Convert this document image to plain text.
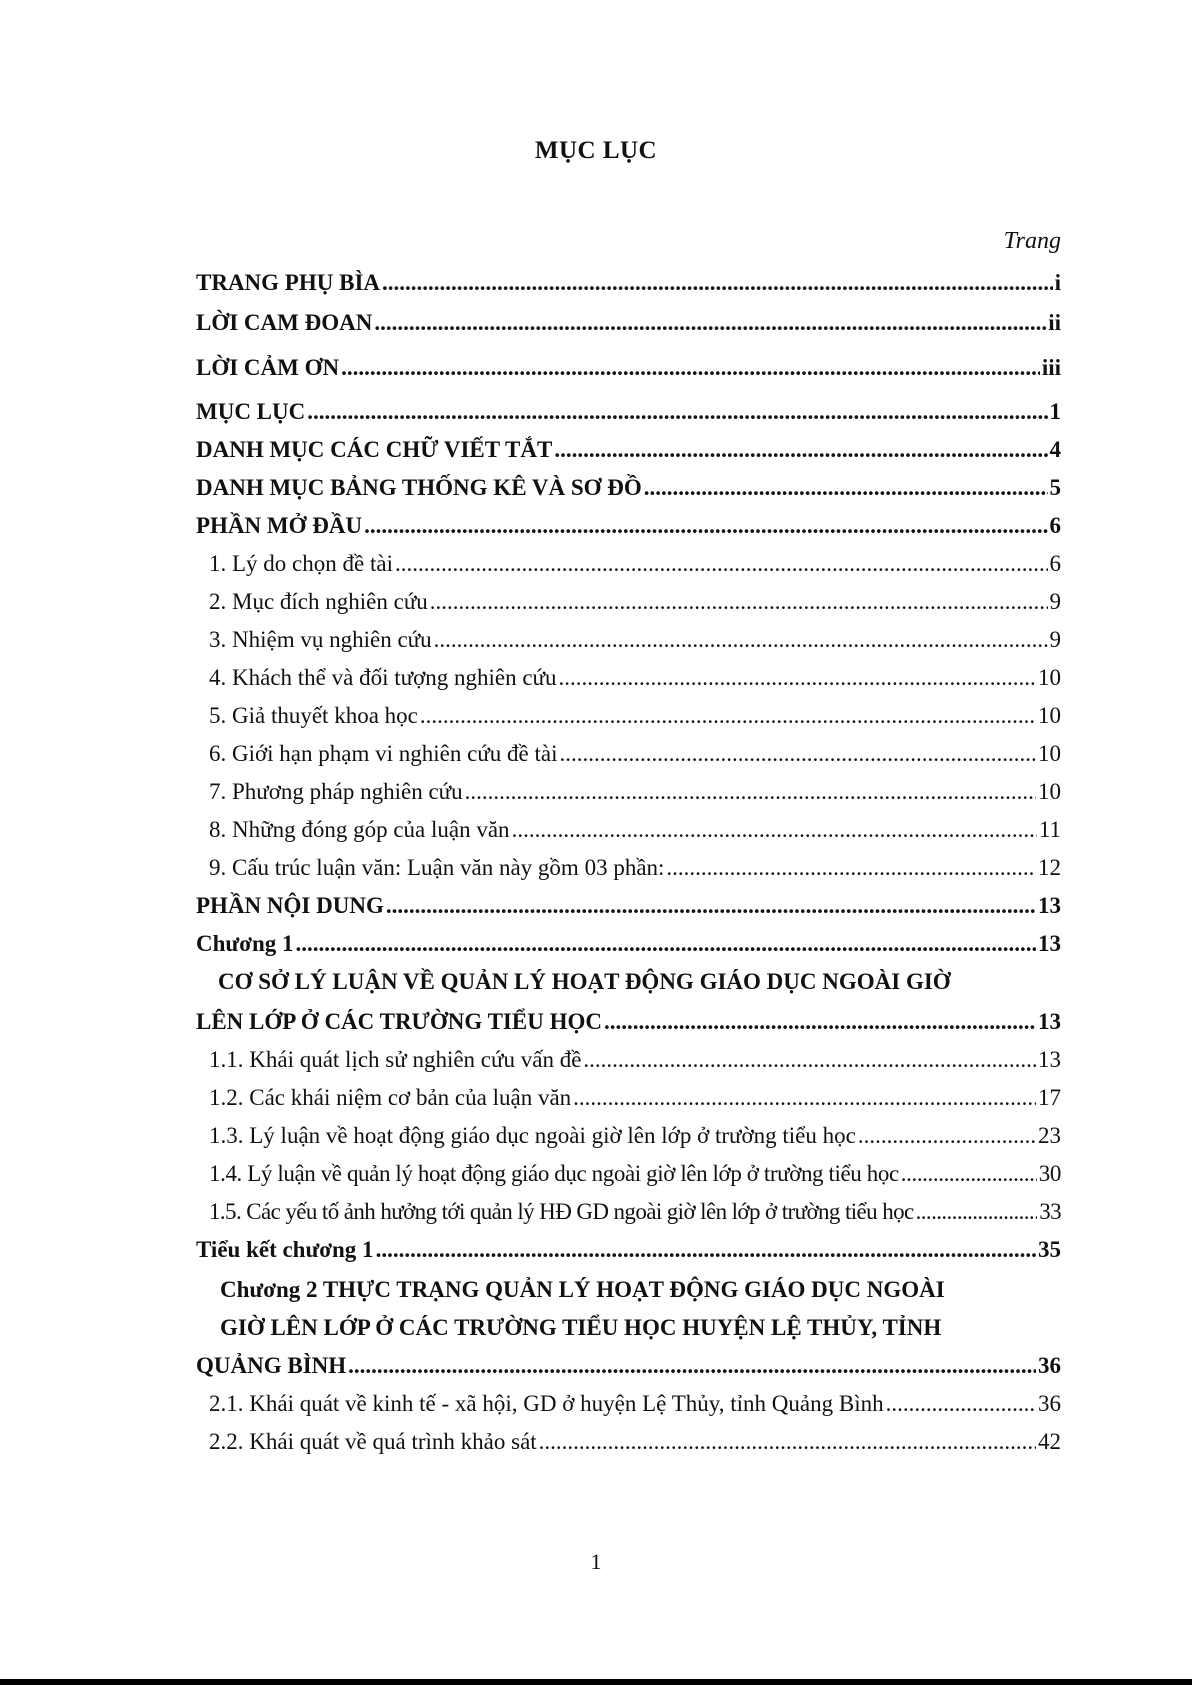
MỤC LỤC
Trang
TRANG PHỤ BÌA .....	i
LỜI CAM ĐOAN .....	ii
LỜI CẢM ƠN .....	iii
MỤC LỤC .....	1
DANH MỤC CÁC CHỮ VIẾT TẮT .....	4
DANH MỤC BẢNG THỐNG KÊ VÀ SƠ ĐỒ .....	5
PHẦN MỞ ĐẦU .....	6
1. Lý do chọn đề tài .....	6
2. Mục đích nghiên cứu .....	9
3. Nhiệm vụ nghiên cứu .....	9
4. Khách thể và đối tượng nghiên cứu .....	10
5. Giả thuyết khoa học .....	10
6. Giới hạn phạm vi nghiên cứu đề tài .....	10
7. Phương pháp nghiên cứu .....	10
8. Những đóng góp của luận văn .....	11
9. Cấu trúc luận văn: Luận văn này gồm 03 phần: .....	12
PHẦN NỘI DUNG .....	13
Chương 1 .....	13
CƠ SỞ LÝ LUẬN VỀ QUẢN LÝ HOẠT ĐỘNG GIÁO DỤC NGOÀI GIỜ
LÊN LỚP Ở CÁC TRƯỜNG TIỂU HỌC .....	13
1.1. Khái quát lịch sử nghiên cứu vấn đề .....	13
1.2. Các khái niệm cơ bản của luận văn .....	17
1.3. Lý luận về hoạt động giáo dục ngoài giờ lên lớp ở trường tiểu học .....	23
1.4. Lý luận về quản lý hoạt động giáo dục ngoài giờ lên lớp ở trường tiểu học .....	30
1.5. Các yếu tố ảnh hưởng tới quản lý HĐ GD ngoài giờ lên lớp ở trường tiểu học .....	33
Tiểu kết chương 1 .....	35
Chương 2 THỰC TRẠNG QUẢN LÝ HOẠT ĐỘNG GIÁO DỤC NGOÀI
GIỜ LÊN LỚP Ở CÁC TRƯỜNG TIỂU HỌC HUYỆN LỆ THỦY, TỈNH
QUẢNG BÌNH .....	36
2.1. Khái quát về kinh tế - xã hội, GD ở huyện Lệ Thủy, tỉnh Quảng Bình .....	36
2.2. Khái quát về quá trình khảo sát .....	42
1
